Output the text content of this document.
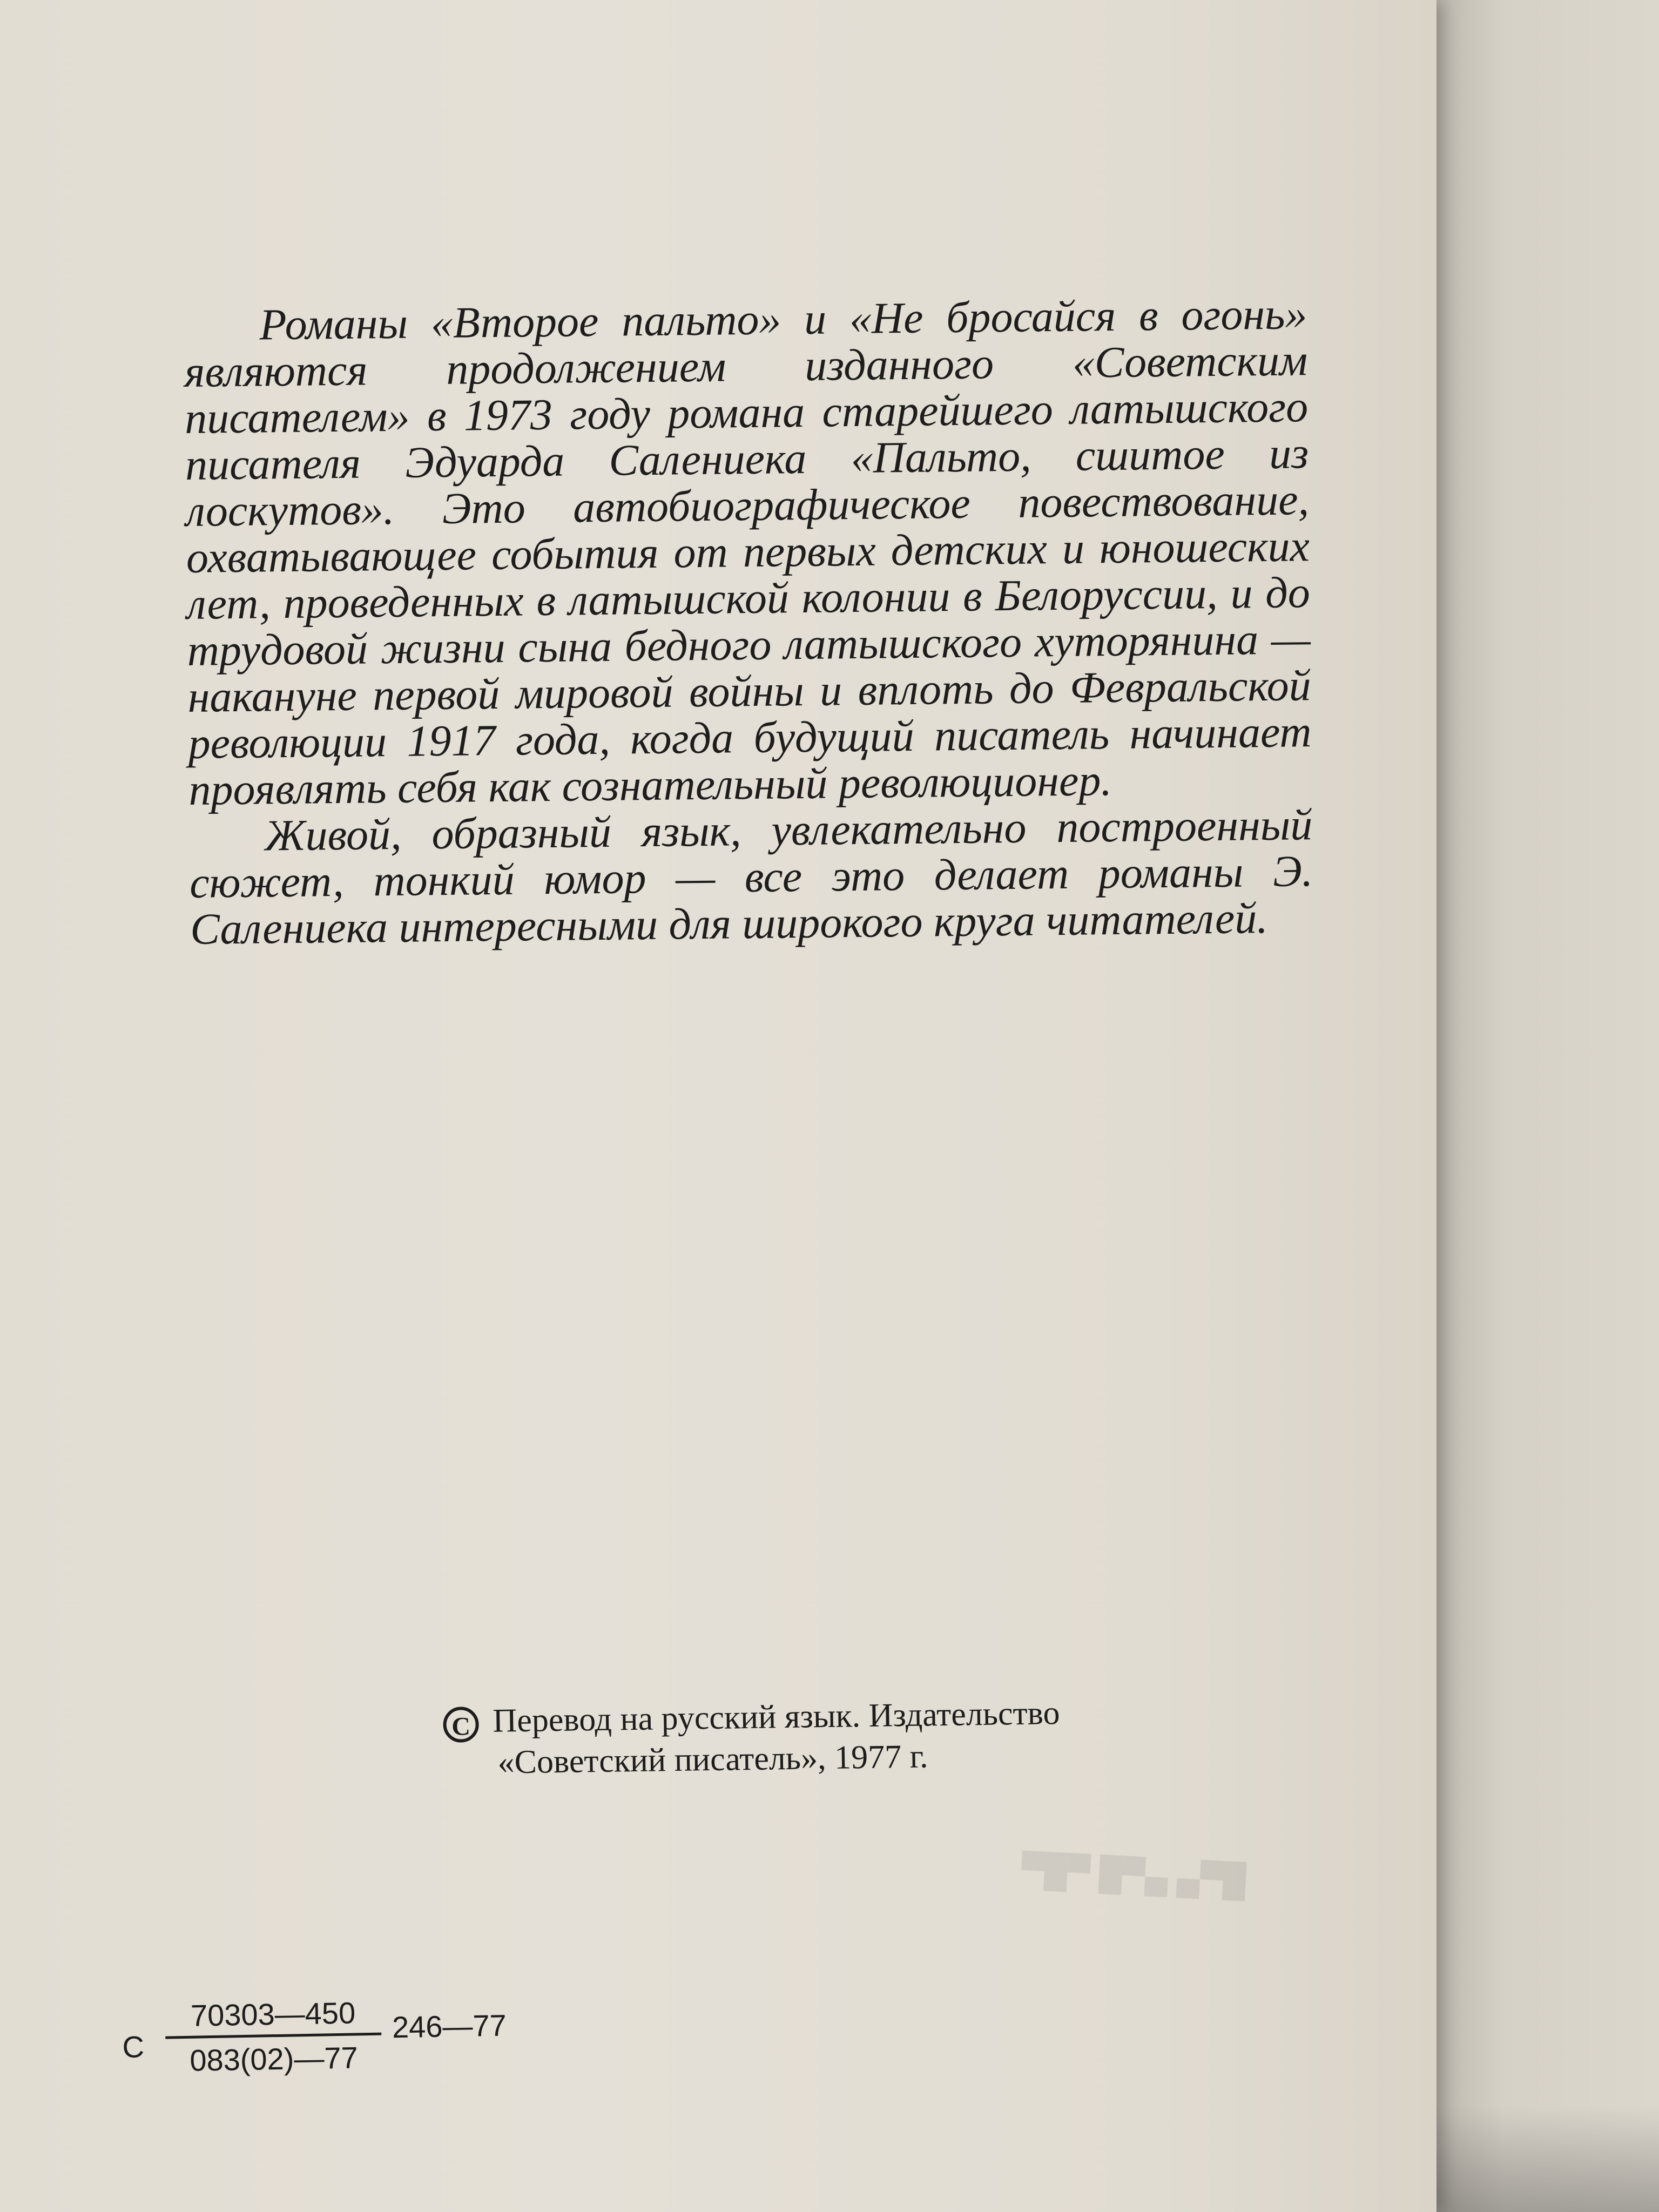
Романы «Второе пальто» и «Не бросайся в огонь» являются продолжением изданного «Советским писателем» в 1973 году романа старейшего латышского писателя Эдуарда Салениека «Пальто, сшитое из лоскутов». Это автобиографическое повествование, охватывающее события от первых детских и юношеских лет, проведенных в латышской колонии в Белоруссии, и до трудовой жизни сына бедного латышского хуторянина — накануне первой мировой войны и вплоть до Февральской революции 1917 года, когда будущий писатель начинает проявлять себя как сознательный революционер.

Живой, образный язык, увлекательно построенный сюжет, тонкий юмор — все это делает романы Э. Салениека интересными для широкого круга читателей.

█▀▄ ▄▀█ ▀█▀
C Перевод на русский язык. Издательство
«Советский писатель», 1977 г.
С
70303—450
083(02)—77
246—77
